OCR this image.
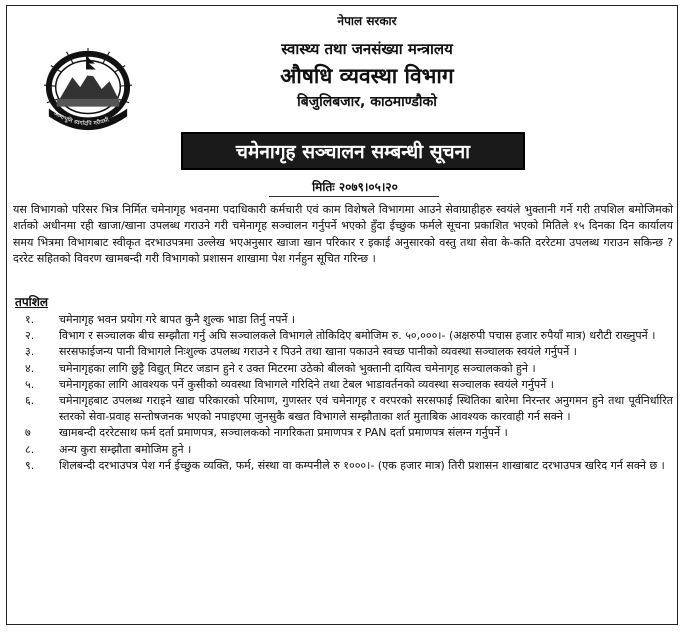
आमाभूमि स्वर्गादपि गरीयसी
नेपाल सरकार
स्वास्थ्य तथा जनसंख्या मन्त्रालय
औषधि व्यवस्था विभाग
बिजुलिबजार, काठमाण्डौको
चमेनागृह सञ्चालन सम्बन्धी सूचना
मितिः २०७९।०५।२०
यस विभागको परिसर भित्र निर्मित चमेनागृह भवनमा पदाधिकारी कर्मचारी एवं काम विशेषले विभागमा आउने सेवाग्राहीहरु स्वयंले भुक्तानी गर्ने गरी तपशिल बमोजिमको शर्तको अधीनमा रही खाजा/खाना उपलब्ध गराउने गरी चमेनागृह सञ्चालन गर्नुपर्ने भएको हुँदा ईच्छुक फर्मले सूचना प्रकाशित भएको मितिले १५ दिनका दिन कार्यालय समय भित्रमा विभागबाट स्वीकृत दरभाउपत्रमा उल्लेख भएअनुसार खाजा खान परिकार र इकाई अनुसारको वस्तु तथा सेवा के-कति दररेटमा उपलब्ध गराउन सकिन्छ ? दररेट सहितको विवरण खामबन्दी गरी विभागको प्रशासन शाखामा पेश गर्नहुन सूचित गरिन्छ ।
तपशिल
१.	चमेनागृह भवन प्रयोग गरे बापत कुनै शुल्क भाडा तिर्नु नपर्ने ।
२.	विभाग र सञ्चालक बीच सम्झौता गर्नु अघि सञ्चालकले विभागले तोकिदिए बमोजिम रु. ५०,०००।- (अक्षरुपी पचास हजार रुपैयाँ मात्र) धरौटी राख्नुपर्ने ।
३.	सरसफाईजन्य पानी विभागले निःशुल्क उपलब्ध गराउने र पिउने तथा खाना पकाउने स्वच्छ पानीको व्यवस्था सञ्चालक स्वयंले गर्नुपर्ने ।
४.	चमेनागृहका लागि छुट्टै विद्युत् मिटर जडान हुने र उक्त मिटरमा उठेको बीलको भुक्तानी दायित्व चमेनागृह सञ्चालकको हुने ।
५.	चमेनागृहका लागि आवश्यक पर्ने कुसीको व्यवस्था विभागले गरिदिने तथा टेबल भाडावर्तनको व्यवस्था सञ्चालक स्वयंले गर्नुपर्ने ।
६.	चमेनागृहबाट उपलब्ध गराइने खाद्य परिकारको परिमाण, गुणस्तर एवं चमेनागृह र वरपरको सरसफाई स्थितिका बारेमा निरन्तर अनुगमन हुने तथा पूर्वनिर्धारित स्तरको सेवा-प्रवाह सन्तोषजनक भएको नपाइएमा जुनसुकै बखत विभागले सम्झौताका शर्त मुताबिक आवश्यक कारवाही गर्न सक्ने ।
७	खामबन्दी दररेटसाथ फर्म दर्ता प्रमाणपत्र, सञ्चालकको नागरिकता प्रमाणपत्र र PAN दर्ता प्रमाणपत्र संलग्न गर्नुपर्ने ।
८.	अन्य कुरा सम्झौता बमोजिम हुने ।
९.	शिलबन्दी दरभाउपत्र पेश गर्न ईच्छुक व्यक्ति, फर्म, संस्था वा कम्पनीले रु १०००।- (एक हजार मात्र) तिरी प्रशासन शाखाबाट दरभाउपत्र खरिद गर्न सक्ने छ ।
